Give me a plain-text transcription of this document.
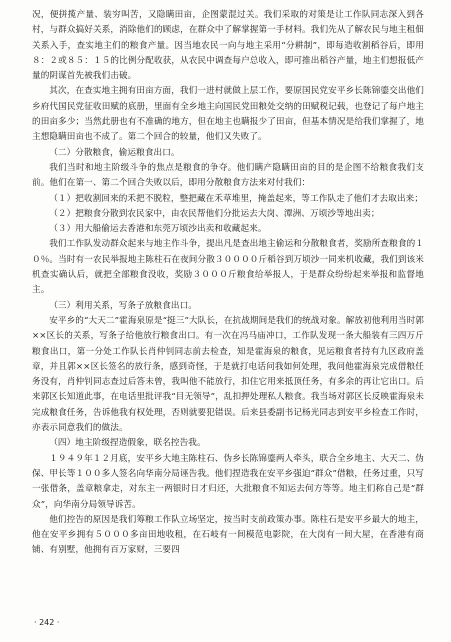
况，便拼揽产量、装穷叫苦，又隐瞒田亩，企图蒙混过关。我们采取的对策是让工作队同志深入到各村，与群众搞好关系，消除他们的顾虑，在群众中了解掌握第一手材料。我们先从了解农民与地主租佃关系入手，查实地主们的粮食产量。因当地农民一向与地主采用“分耕制”，即每造收割稻谷后，即用８：２或８５：１５的比例分配收获，从农民中调查每户总收入，即可推出稻谷产量，地主们想报低产量的阴谋首先被我们击破。

其次，在查实地主拥有田亩方面，我们一进村就做上层工作，要原国民党安平乡长陈锦鎏交出他们乡府代国民党征收田赋的底册，里面有全乡地主向国民党田粮处交纳的田赋税记载，也登记了每户地主的田亩多少；当然此册也有不准确的地方，但在地主也瞒报少了田亩，但基本情况是给我们掌握了，地主想隐瞒田亩也不成了。第二个回合的较量，他们又失败了。

（二）分散粮食，偷运粮食出口。

我们当时和地主阶级斗争的焦点是粮食的争夺。他们瞒产隐瞒田亩的目的是企图不给粮食我们支前。他们在第一、第二个回合失败以后，即用分散粮食方法来对付我们：

（１）把收割回来的禾把不脱粒，整把藏在禾草堆里，掩盖起来，等工作队走了他们才去取出来；

（２）把粮食分散到农民家中，由农民帮他们分批运去大岗、潭洲、万顷沙等地出卖；

（３）用大船偷运去香港和东莞万顷沙出卖和收藏起来。

我们工作队发动群众起来与地主作斗争，提出凡是查出地主偷运和分散粮食者，奖励所查粮食的１０％。当时有一农民举报地主陈柱石在夜间分散３００００斤稻谷到万顷沙一同来机收藏，我们到该米机查实确认后，就把全部粮食没收，奖励３０００斤粮食给举报人，于是群众纷纷起来举报和监督地主。

（三）利用关系，写条子放粮食出口。

安平乡的“大天二”霍海泉原是“挺三”大队长，在抗战期间是我们的统战对象。解放初他利用当时郭××区长的关系，写条子给他放行粮食出口。有一次在冯马庙冲口，工作队发现一条大船装有三四万斤粮食出口，第一分处工作队长肖仲钊同志前去检查，知是霍海泉的粮食，见运粮食者持有九区政府盖章，并且郭××区长签名的放行条，感到奇怪，于是就打电话问我如何处理，我问他霍海泉完成借粮任务没有，肖仲钊同志查过后答未曾，我叫他不能放行，扣住它用来抵顶任务，有多余的再让它出口。后来郭区长知道此事，在电话里批评我“目无领导”，乱扣押处理私人粮食。我当场对郭区长反映霍海泉未完成粮食任务，告诉他我有权处理，否则就要犯错误。后来县委副书记杨光同志到安平乡检查工作时，亦表示同意我们的做法。

（四）地主阶级捏造假象，联名控告我。

１９４９年１２月底，安平乡大地主陈柱石、伪乡长陈锦鎏两人牵头，联合全乡地主、大天二、伪保、甲长等１００多人签名向华南分局诬告我。他们捏造我在安平乡强迫“群众”借粮，任务过重，只写一张借条，盖章粮拿走，对东主一两银时日才归还，大批粮食不知运去何方等等。地主们称自己是“群众”，向华南分局领导诉苦。

他们控告的原因是我们筹粮工作队立场坚定，按当时支前政策办事。陈柱石是安平乡最大的地主，他在安平乡拥有５０００多亩田地收租，在石岐有一间模范电影院，在大岗有一间大屋，在香港有商铺、有别墅，他拥有百万家财，三要四

· 242 ·
